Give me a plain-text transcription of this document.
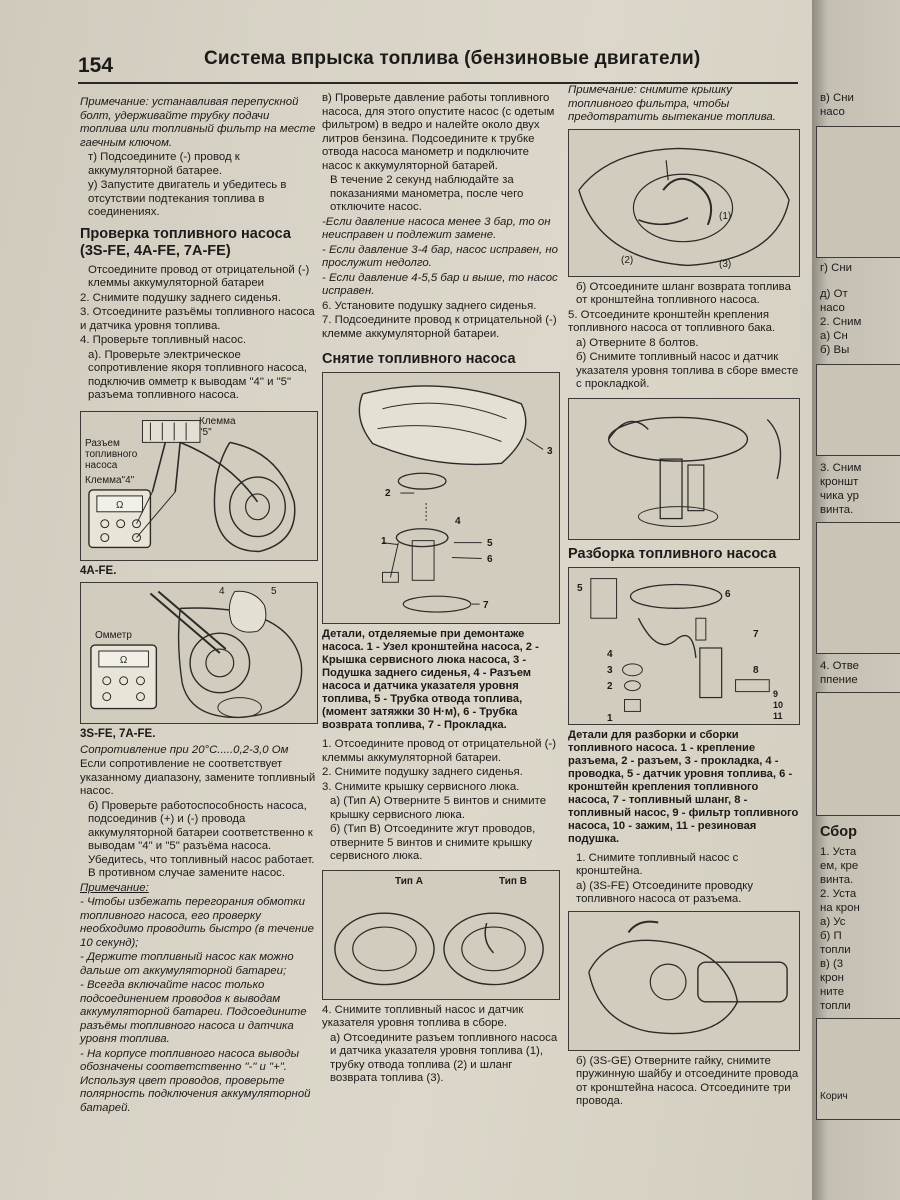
154	Система впрыска топлива (бензиновые двигатели)

Примечание: устанавливая перепускной болт, удерживайте трубку подачи топлива или топливный фильтр на месте гаечным ключом.

т) Подсоедините (-) провод к аккумуляторной батарее.

у) Запустите двигатель и убедитесь в отсутствии подтекания топлива в соединениях.

Проверка топливного насоса (3S-FE, 4A-FE, 7A-FE)

Отсоедините провод от отрицательной (-) клеммы аккумуляторной батареи

2. Снимите подушку заднего сиденья.

3. Отсоедините разъёмы топливного насоса и датчика уровня топлива.

4. Проверьте топливный насос.

а). Проверьте электрическое сопротивление якоря топливного насоса, подключив омметр к выводам "4" и "5" разъема топливного насоса.

Ω
Клемма "5"
Разъем топливного насоса
Клемма"4"

4A-FE.

Ω
Омметр
4	5

3S-FE, 7A-FE.

Сопротивление при 20°С.....0,2-3,0 Ом

Если сопротивление не соответствует указанному диапазону, замените топливный насос.

б) Проверьте работоспособность насоса, подсоединив (+) и (-) провода аккумуляторной батареи соответственно к выводам "4" и "5" разъёма насоса. Убедитесь, что топливный насос работает. В противном случае замените насос.

Примечание:

- Чтобы избежать перегорания обмотки топливного насоса, его проверку необходимо проводить быстро (в течение 10 секунд);

- Держите топливный насос как можно дальше от аккумуляторной батареи;

- Всегда включайте насос только подсоединением проводов к выводам аккумуляторной батареи. Подсоедините разъёмы топливного насоса и датчика уровня топлива.

- На корпусе топливного насоса выводы обозначены соответственно "-" и "+". Используя цвет проводов, проверьте полярность подключения аккумуляторной батарей.

в) Проверьте давление работы топливного насоса, для этого опустите насос (с одетым фильтром) в ведро и налейте около двух литров бензина. Подсоедините к трубке отвода насоса манометр и подключите насос к аккумуляторной батарей.

В течение 2 секунд наблюдайте за показаниями манометра, после чего отключите насос.

-Если давление насоса менее 3 бар, то он неисправен и подлежит замене.

- Если давление 3-4 бар, насос исправен, но прослужит недолго.

- Если давление 4-5,5 бар и выше, то насос исправен.

6. Установите подушку заднего сиденья.

7. Подсоедините провод к отрицательной (-) клемме аккумуляторной батареи.

Снятие топливного насоса

1
2
3
4
5
6
7

Детали, отделяемые при демонтаже насоса. 1 - Узел кронштейна насоса, 2 - Крышка сервисного люка насоса, 3 - Подушка заднего сиденья, 4 - Разъем насоса и датчика указателя уровня топлива, 5 - Трубка отвода топлива, (момент затяжки 30 Н·м), 6 - Трубка возврата топлива, 7 - Прокладка.

1. Отсоедините провод от отрицательной (-) клеммы аккумуляторной батареи.

2. Снимите подушку заднего сиденья.

3. Снимите крышку сервисного люка.

а) (Тип А) Отверните 5 винтов и снимите крышку сервисного люка.

б) (Тип В) Отсоедините жгут проводов, отверните 5 винтов и снимите крышку сервисного люка.

Тип А	Тип В

4. Снимите топливный насос и датчик указателя уровня топлива в сборе.

а) Отсоедините разъем топливного насоса и датчика указателя уровня топлива (1), трубку отвода топлива (2) и шланг возврата топлива (3).

Примечание: снимите крышку топливного фильтра, чтобы предотвратить вытекание топлива.

(1)
(2)	(3)

б) Отсоедините шланг возврата топлива от кронштейна топливного насоса.

5. Отсоедините кронштейн крепления топливного насоса от топливного бака.

а) Отверните 8 болтов.

б) Снимите топливный насос и датчик указателя уровня топлива в сборе вместе с прокладкой.

Разборка топливного насоса

1
2
3
4
5
6
7
8
9
10
11

Детали для разборки и сборки топливного насоса. 1 - крепление разъема, 2 - разъем, 3 - прокладка, 4 - проводка, 5 - датчик уровня топлива, 6 - кронштейн крепления топливного насоса, 7 - топливный шланг, 8 - топливный насос, 9 - фильтр топливного насоса, 10 - зажим, 11 - резиновая подушка.

1. Снимите топливный насос с кронштейна.

а) (3S-FE) Отсоедините проводку топливного насоса от разъема.

б) (3S-GE) Отверните гайку, снимите пружинную шайбу и отсоедините провода от кронштейна насоса. Отсоедините три провода.

в) Сни
насо
г) Сни
д) От
насо
2. Сним
а) Сн
б) Вы
3. Сним
кроншт
чика ур
винта.
4. Отве
ппение
Сбор
1. Уста
ем, кре
винта.
2. Уста
на крон
а) Ус
б) П
топли
в) (3
крон
ните
топли
Корич
